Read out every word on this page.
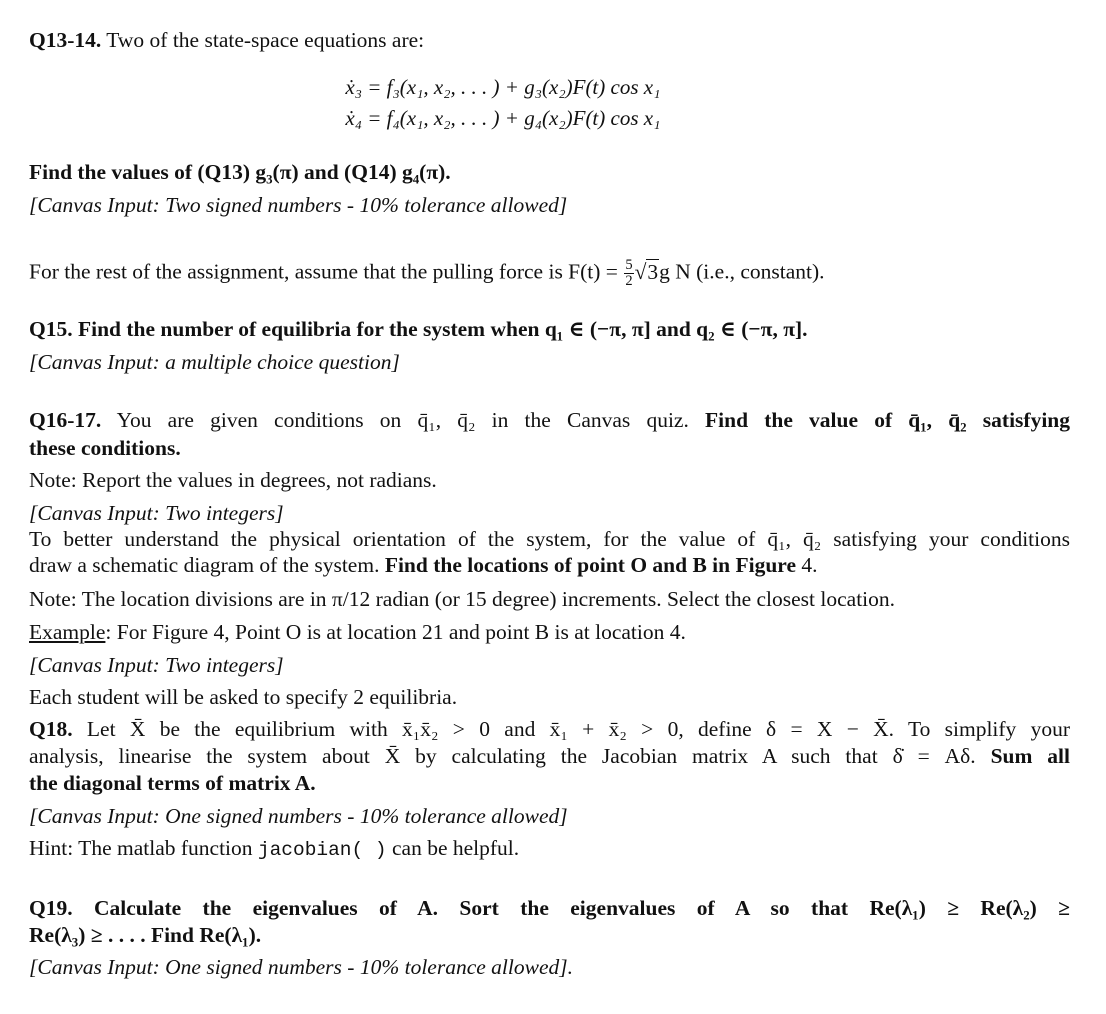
Q13-14. Two of the state-space equations are:
ẋ₃ = f₃(x₁, x₂, . . . ) + g₃(x₂)F(t) cos x₁
ẋ₄ = f₄(x₁, x₂, . . . ) + g₄(x₂)F(t) cos x₁
Find the values of (Q13) g₃(π) and (Q14) g₄(π).
[Canvas Input: Two signed numbers - 10% tolerance allowed]
For the rest of the assignment, assume that the pulling force is $F(t) = \frac{5}{2} √3g$ N (i.e., constant).
Q15. Find the number of equilibria for the system when q₁ ∈ (−π, π] and q₂ ∈ (−π, π].
[Canvas Input: a multiple choice question]
Q16-17. You are given conditions on q̄₁, q̄₂ in the Canvas quiz. Find the value of q̄₁, q̄₂ satisfying
these conditions.
Note: Report the values in degrees, not radians.
[Canvas Input: Two integers]
To better understand the physical orientation of the system, for the value of q̄₁, q̄₂ satisfying your conditions
draw a schematic diagram of the system. Find the locations of point O and B in Figure 4.
Note: The location divisions are in π/12 radian (or 15 degree) increments. Select the closest location.
Example: For Figure 4, Point O is at location 21 and point B is at location 4.
[Canvas Input: Two integers]
Each student will be asked to specify 2 equilibria.
Q18. Let X̄ be the equilibrium with x̄₁x̄₂ > 0 and x̄₁ + x̄₂ > 0, define δ = X − X̄. To simplify your
analysis, linearise the system about X̄ by calculating the Jacobian matrix A such that δ̇ = Aδ. Sum all
the diagonal terms of matrix A.
[Canvas Input: One signed numbers - 10% tolerance allowed]
Hint: The matlab function jacobian( ) can be helpful.
Q19. Calculate the eigenvalues of A. Sort the eigenvalues of A so that Re(λ₁) ≥ Re(λ₂) ≥
Re(λ₃) ≥ . . . . Find Re(λ₁).
[Canvas Input: One signed numbers - 10% tolerance allowed].
